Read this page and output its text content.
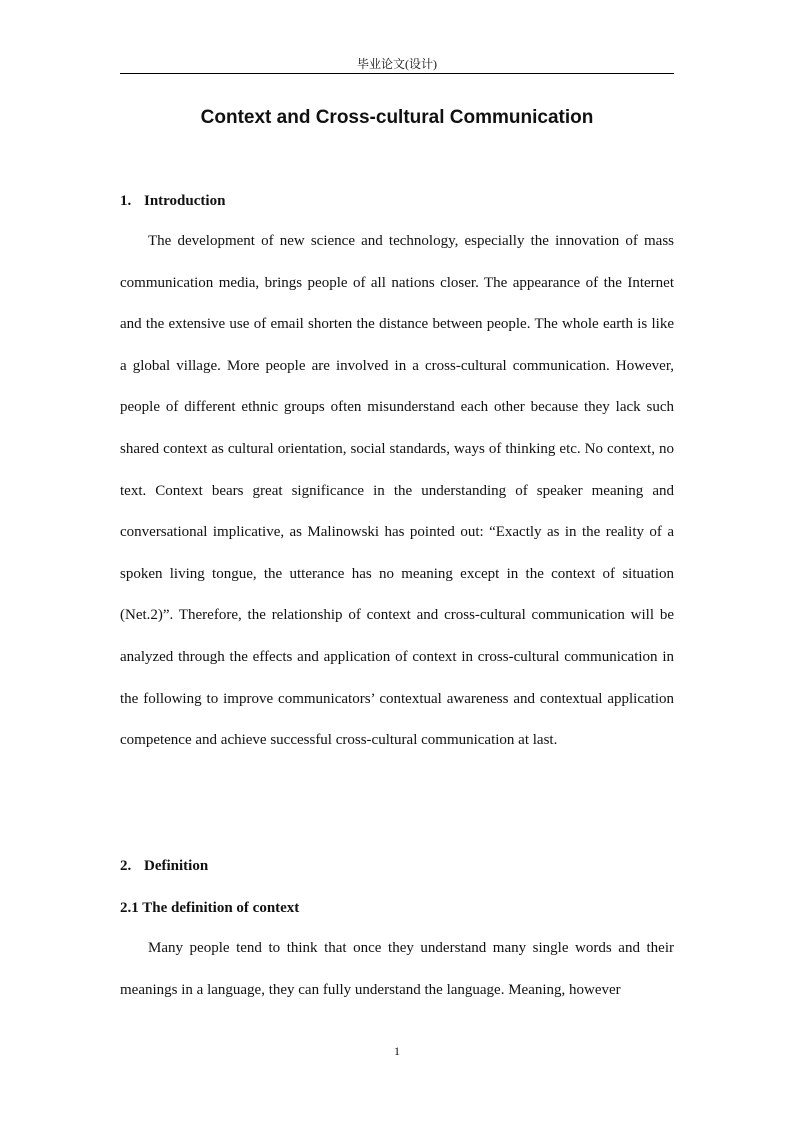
毕业论文(设计)
Context and Cross-cultural Communication
1. Introduction

The development of new science and technology, especially the innovation of mass communication media, brings people of all nations closer. The appearance of the Internet and the extensive use of email shorten the distance between people. The whole earth is like a global village. More people are involved in a cross-cultural communication. However, people of different ethnic groups often misunderstand each other because they lack such shared context as cultural orientation, social standards, ways of thinking etc. No context, no text. Context bears great significance in the understanding of speaker meaning and conversational implicative, as Malinowski has pointed out: “Exactly as in the reality of a spoken living tongue, the utterance has no meaning except in the context of situation (Net.2)”. Therefore, the relationship of context and cross-cultural communication will be analyzed through the effects and application of context in cross-cultural communication in the following to improve communicators’ contextual awareness and contextual application competence and achieve successful cross-cultural communication at last.

2. Definition
2.1 The definition of context

Many people tend to think that once they understand many single words and their meanings in a language, they can fully understand the language. Meaning, however

1
